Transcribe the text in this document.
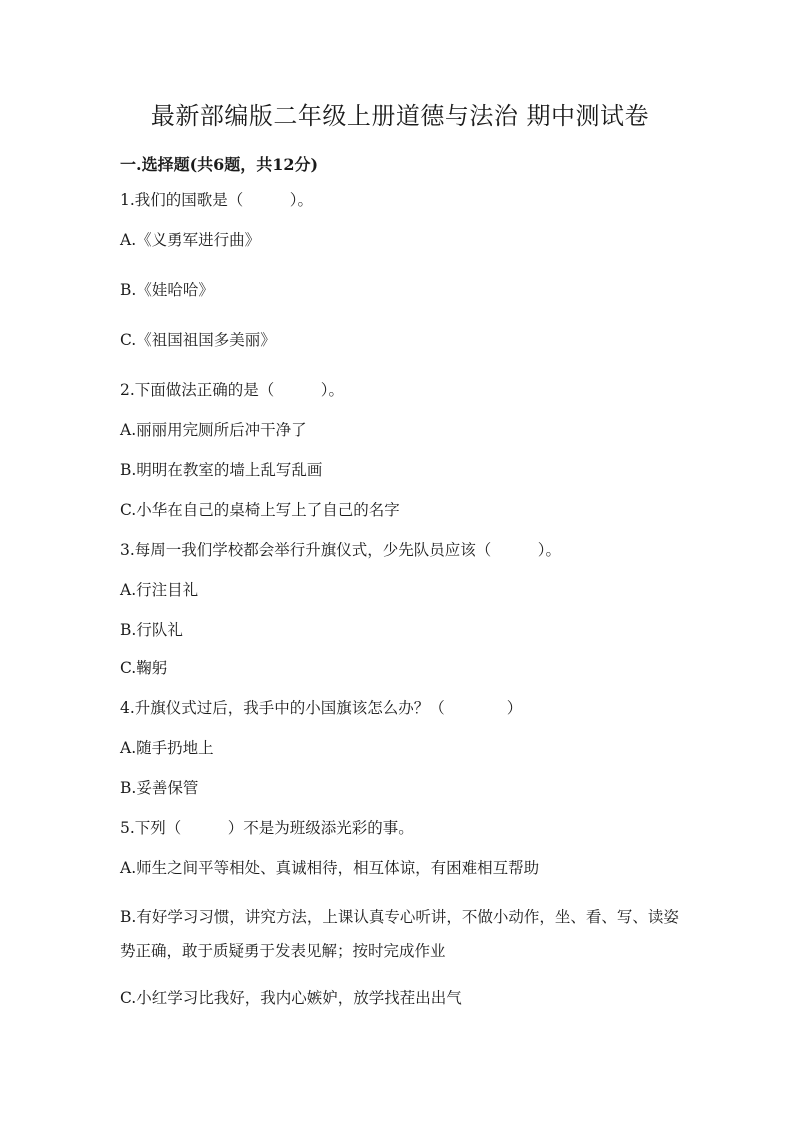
最新部编版二年级上册道德与法治 期中测试卷
一.选择题(共6题，共12分)
1.我们的国歌是（　　　）。
A.《义勇军进行曲》
B.《娃哈哈》
C.《祖国祖国多美丽》
2.下面做法正确的是（　　　）。
A.丽丽用完厕所后冲干净了
B.明明在教室的墙上乱写乱画
C.小华在自己的桌椅上写上了自己的名字
3.每周一我们学校都会举行升旗仪式，少先队员应该（　　　）。
A.行注目礼
B.行队礼
C.鞠躬
4.升旗仪式过后，我手中的小国旗该怎么办？（　　　　）
A.随手扔地上
B.妥善保管
5.下列（　　　）不是为班级添光彩的事。
A.师生之间平等相处、真诚相待，相互体谅，有困难相互帮助
B.有好学习习惯，讲究方法，上课认真专心听讲，不做小动作，坐、看、写、读姿势正确，敢于质疑勇于发表见解；按时完成作业
C.小红学习比我好，我内心嫉妒，放学找茬出出气
